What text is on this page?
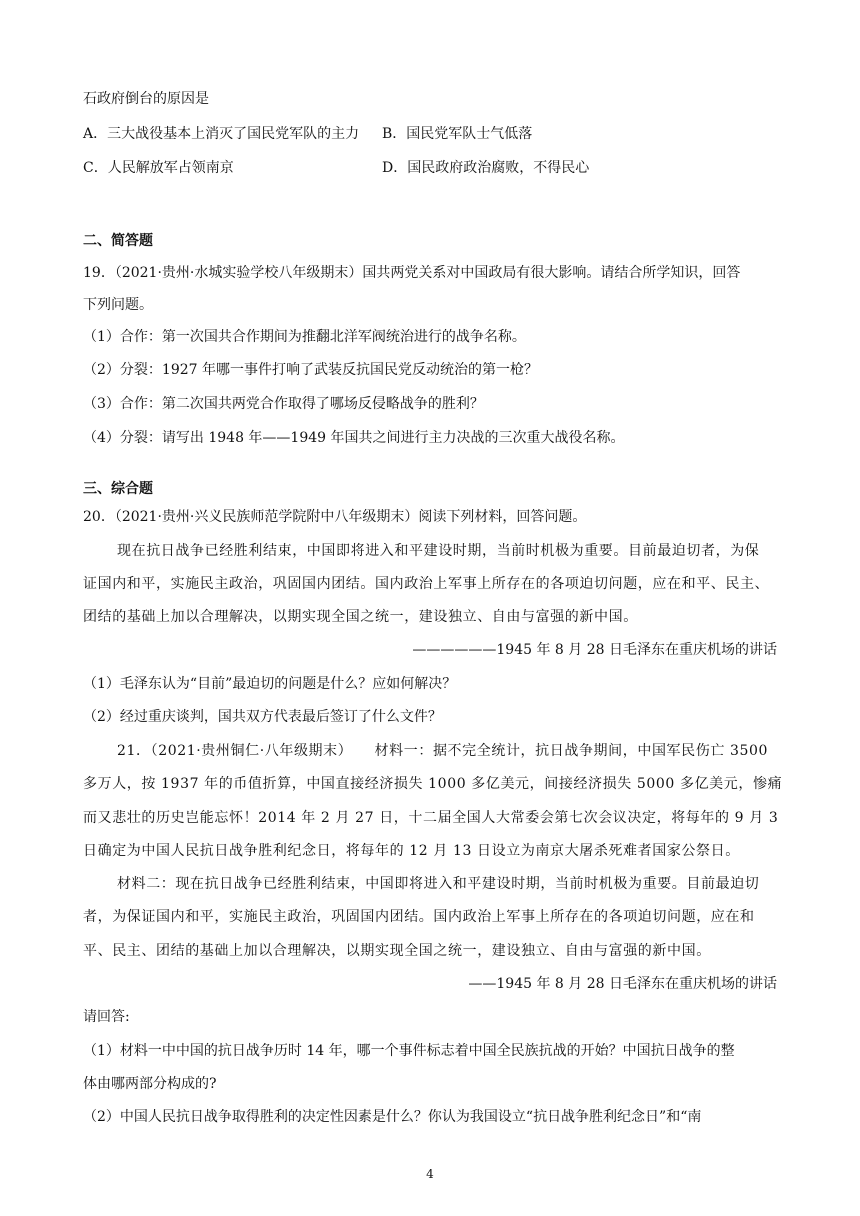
石政府倒台的原因是
A．三大战役基本上消灭了国民党军队的主力 B．国民党军队士气低落
C．人民解放军占领南京	D．国民政府政治腐败，不得民心
二、简答题
19．（2021·贵州·水城实验学校八年级期末）国共两党关系对中国政局有很大影响。请结合所学知识，回答
下列问题。
（1）合作：第一次国共合作期间为推翻北洋军阀统治进行的战争名称。
（2）分裂：1927 年哪一事件打响了武装反抗国民党反动统治的第一枪？
（3）合作：第二次国共两党合作取得了哪场反侵略战争的胜利？
（4）分裂：请写出 1948 年——1949 年国共之间进行主力决战的三次重大战役名称。
三、综合题
20．（2021·贵州·兴义民族师范学院附中八年级期末）阅读下列材料，回答问题。
现在抗日战争已经胜利结束，中国即将进入和平建设时期，当前时机极为重要。目前最迫切者，为保
证国内和平，实施民主政治，巩固国内团结。国内政治上军事上所存在的各项迫切问题，应在和平、民主、
团结的基础上加以合理解决，以期实现全国之统一，建设独立、自由与富强的新中国。
——————1945 年 8 月 28 日毛泽东在重庆机场的讲话
（1）毛泽东认为“目前”最迫切的问题是什么？应如何解决？
（2）经过重庆谈判，国共双方代表最后签订了什么文件？
21．（2021·贵州铜仁·八年级期末）　　材料一：据不完全统计，抗日战争期间，中国军民伤亡 3500
多万人，按 1937 年的币值折算，中国直接经济损失 1000 多亿美元，间接经济损失 5000 多亿美元，惨痛
而又悲壮的历史岂能忘怀！2014 年 2 月 27 日，十二届全国人大常委会第七次会议决定，将每年的 9 月 3
日确定为中国人民抗日战争胜利纪念日，将每年的 12 月 13 日设立为南京大屠杀死难者国家公祭日。
材料二：现在抗日战争已经胜利结束，中国即将进入和平建设时期，当前时机极为重要。目前最迫切
者，为保证国内和平，实施民主政治，巩固国内团结。国内政治上军事上所存在的各项迫切问题，应在和
平、民主、团结的基础上加以合理解决，以期实现全国之统一，建设独立、自由与富强的新中国。
——1945 年 8 月 28 日毛泽东在重庆机场的讲话
请回答:
（1）材料一中中国的抗日战争历时 14 年，哪一个事件标志着中国全民族抗战的开始？中国抗日战争的整
体由哪两部分构成的?
（2）中国人民抗日战争取得胜利的决定性因素是什么？你认为我国设立“抗日战争胜利纪念日”和“南
4
